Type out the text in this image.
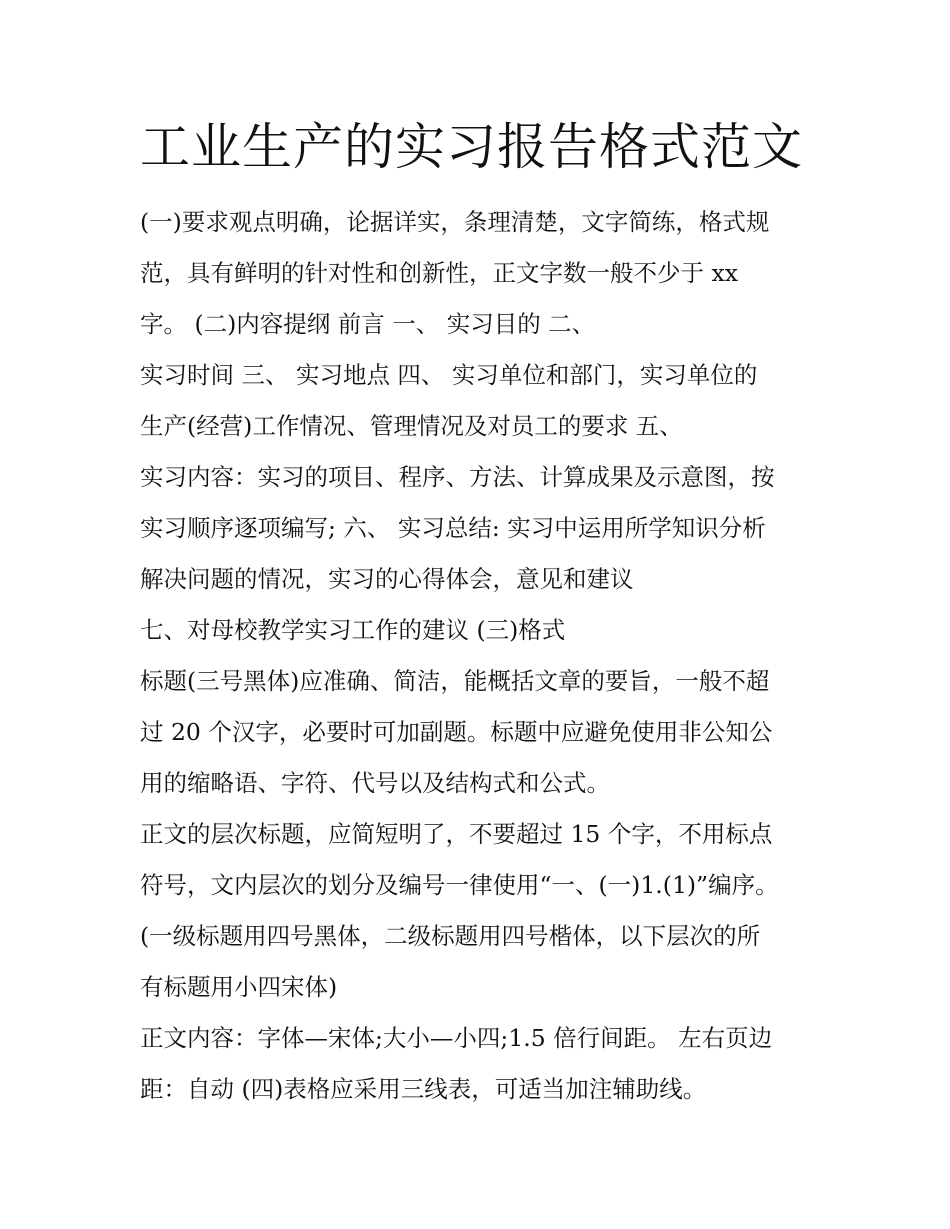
工业生产的实习报告格式范文

(一)要求观点明确，论据详实，条理清楚，文字简练，格式规

范，具有鲜明的针对性和创新性，正文字数一般不少于 xx

字。 (二)内容提纲 前言 一、 实习目的 二、

实习时间 三、 实习地点 四、 实习单位和部门，实习单位的

生产(经营)工作情况、管理情况及对员工的要求 五、

实习内容：实习的项目、程序、方法、计算成果及示意图，按

实习顺序逐项编写; 六、 实习总结: 实习中运用所学知识分析

解决问题的情况，实习的心得体会，意见和建议

七、对母校教学实习工作的建议 (三)格式

标题(三号黑体)应准确、简洁，能概括文章的要旨，一般不超

过 20 个汉字，必要时可加副题。标题中应避免使用非公知公

用的缩略语、字符、代号以及结构式和公式。

正文的层次标题，应简短明了，不要超过 15 个字，不用标点

符号，文内层次的划分及编号一律使用“一、(一)1.(1)”编序。

(一级标题用四号黑体，二级标题用四号楷体，以下层次的所

有标题用小四宋体)

正文内容：字体—宋体;大小—小四;1.5 倍行间距。 左右页边

距：自动 (四)表格应采用三线表，可适当加注辅助线。
